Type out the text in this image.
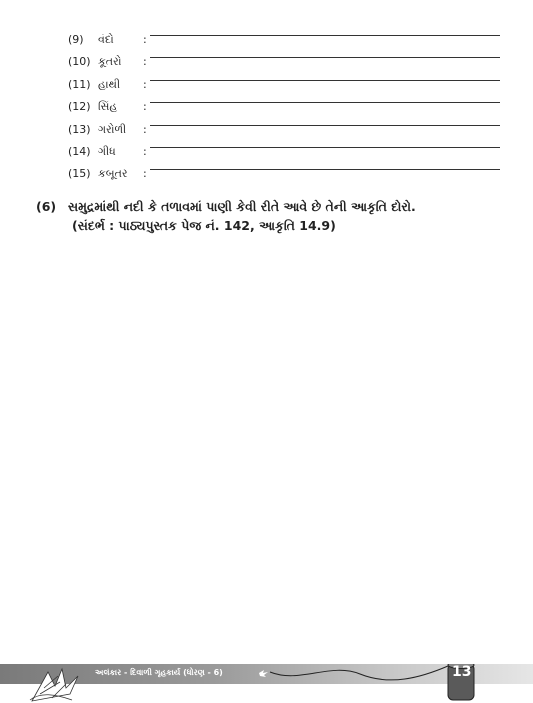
(9) વંદો	:
(10) કૂતરો :
(11) હાથી :
(12) સિંહ :
(13) ગરોળી :
(14) ગીધ :
(15) કબૂતર :
(6) સમુદ્રમાંથી નદી કે તળાવમાં પાણી કેવી રીતે આવે છે તેની આકૃતિ દોરો.
(સંદર્ભ : પાઠ્યપુસ્તક પેજ નં. 142, આકૃતિ 14.9)
અલંકાર - દિવાળી ગૃહકાર્ય (ધોરણ - 6)	13
